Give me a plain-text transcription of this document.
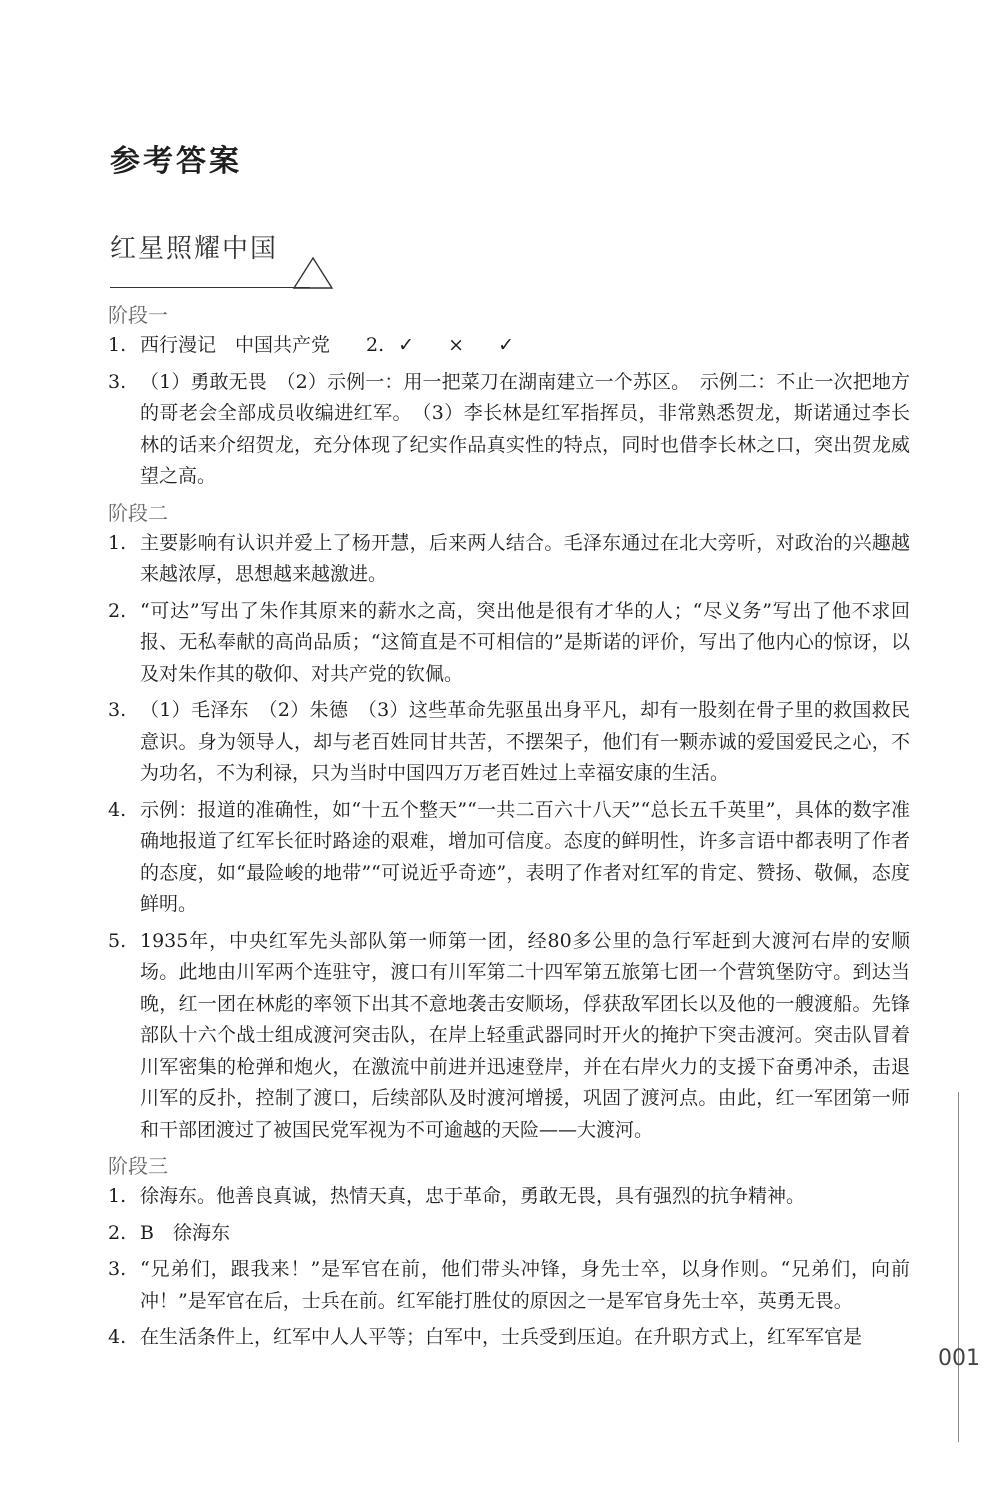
参考答案
红星照耀中国

阶段一

1. 西行漫记　中国共产党 2. ✓ × ✓
3. （1）勇敢无畏　（2）示例一：用一把菜刀在湖南建立一个苏区。　示例二：不止一次把地方的哥老会全部成员收编进红军。　（3）李长林是红军指挥员，非常熟悉贺龙，斯诺通过李长林的话来介绍贺龙，充分体现了纪实作品真实性的特点，同时也借李长林之口，突出贺龙威望之高。

阶段二

1. 主要影响有认识并爱上了杨开慧，后来两人结合。毛泽东通过在北大旁听，对政治的兴趣越来越浓厚，思想越来越激进。
2. “可达”写出了朱作其原来的薪水之高，突出他是很有才华的人；“尽义务”写出了他不求回报、无私奉献的高尚品质；“这简直是不可相信的”是斯诺的评价，写出了他内心的惊讶，以及对朱作其的敬仰、对共产党的钦佩。
3. （1）毛泽东　（2）朱德　（3）这些革命先驱虽出身平凡，却有一股刻在骨子里的救国救民意识。身为领导人，却与老百姓同甘共苦，不摆架子，他们有一颗赤诚的爱国爱民之心，不为功名，不为利禄，只为当时中国四万万老百姓过上幸福安康的生活。
4. 示例：报道的准确性，如“十五个整天”“一共二百六十八天”“总长五千英里”，具体的数字准确地报道了红军长征时路途的艰难，增加可信度。态度的鲜明性，许多言语中都表明了作者的态度，如“最险峻的地带”“可说近乎奇迹”，表明了作者对红军的肯定、赞扬、敬佩，态度鲜明。
5. 1935年，中央红军先头部队第一师第一团，经80多公里的急行军赶到大渡河右岸的安顺场。此地由川军两个连驻守，渡口有川军第二十四军第五旅第七团一个营筑堡防守。到达当晚，红一团在林彪的率领下出其不意地袭击安顺场，俘获敌军团长以及他的一艘渡船。先锋部队十六个战士组成渡河突击队，在岸上轻重武器同时开火的掩护下突击渡河。突击队冒着川军密集的枪弹和炮火，在激流中前进并迅速登岸，并在右岸火力的支援下奋勇冲杀，击退川军的反扑，控制了渡口，后续部队及时渡河增援，巩固了渡河点。由此，红一军团第一师和干部团渡过了被国民党军视为不可逾越的天险——大渡河。

阶段三

1. 徐海东。他善良真诚，热情天真，忠于革命，勇敢无畏，具有强烈的抗争精神。
2. B　徐海东
3. “兄弟们，跟我来！”是军官在前，他们带头冲锋，身先士卒，以身作则。“兄弟们，向前冲！”是军官在后，士兵在前。红军能打胜仗的原因之一是军官身先士卒，英勇无畏。
4. 在生活条件上，红军中人人平等；白军中，士兵受到压迫。在升职方式上，红军军官是
001
